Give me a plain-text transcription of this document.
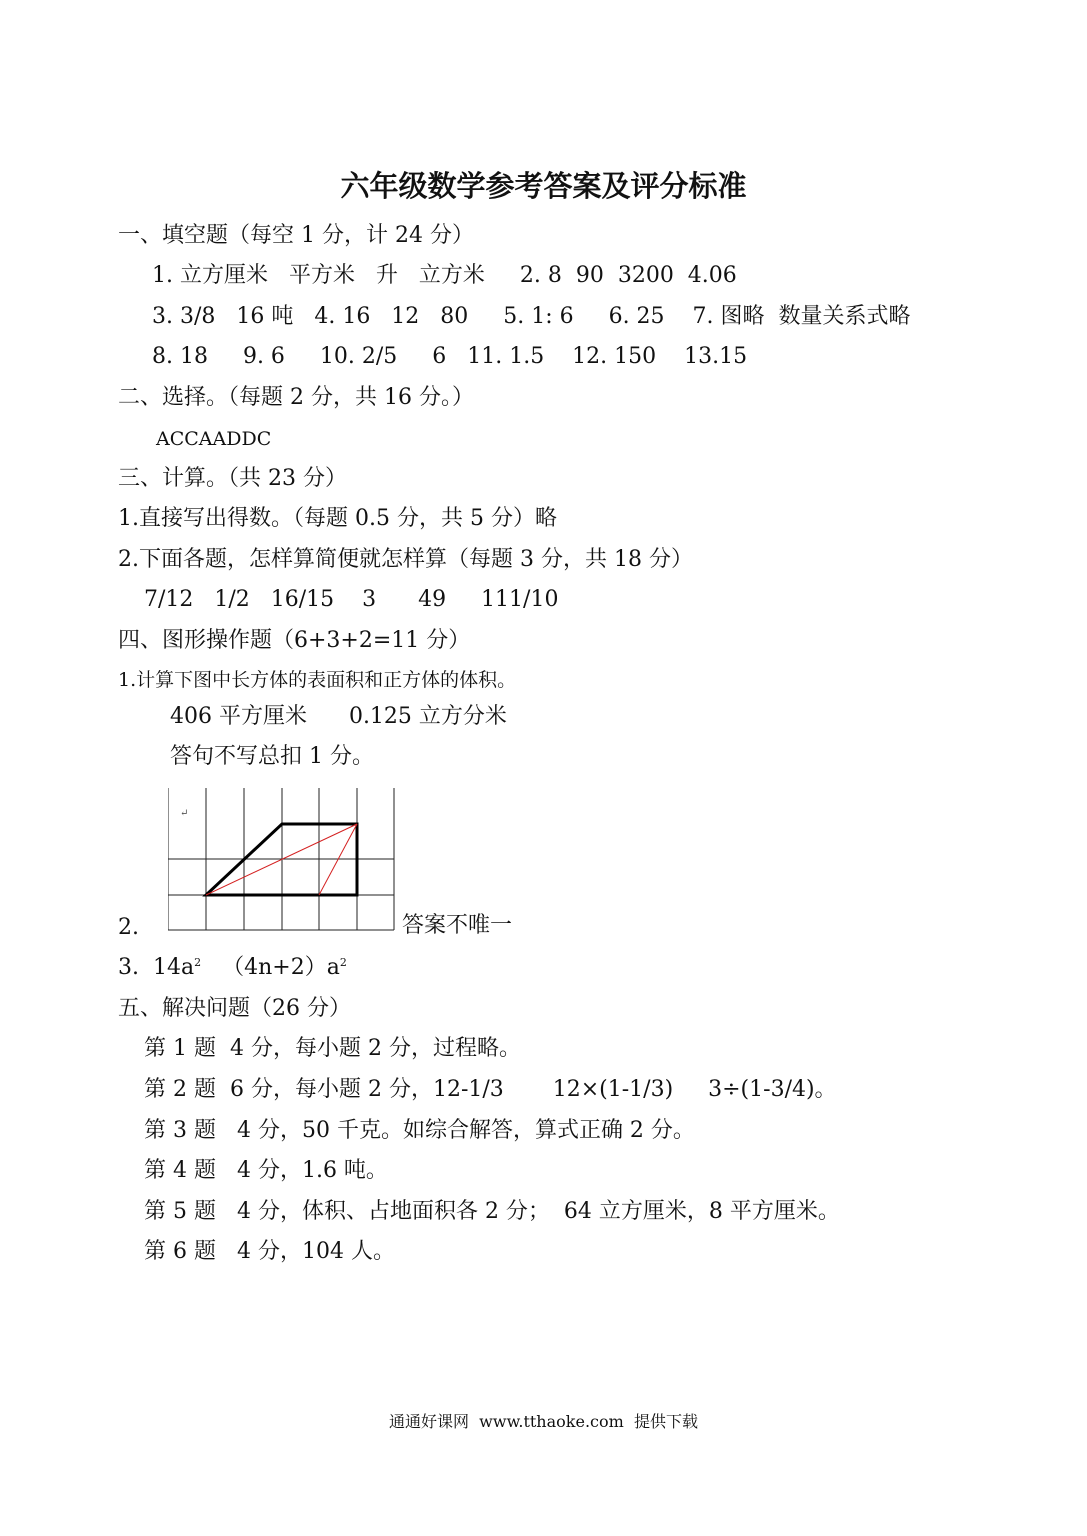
六年级数学参考答案及评分标准
一、填空题（每空 1 分，计 24 分）
1. 立方厘米   平方米   升   立方米     2. 8  90  3200  4.06
3. 3/8   16 吨   4. 16   12   80     5. 1: 6     6. 25    7. 图略  数量关系式略
8. 18     9. 6     10. 2/5     6   11. 1.5    12. 150    13.15
二、选择。（每题 2 分，共 16 分。）
ACCAADDC
三、计算。（共 23 分）
1.直接写出得数。（每题 0.5 分，共 5 分）略
2.下面各题，怎样算简便就怎样算（每题 3 分，共 18 分）
7/12   1/2   16/15    3      49     111/10
四、图形操作题（6+3+2=11 分）
1.计算下图中长方体的表面积和正方体的体积。
406 平方厘米      0.125 立方分米
答句不写总扣 1 分。
↵
2.	答案不唯一
3. $14a^2$ $(4n+2)a^2$
五、解决问题（26 分）
第 1 题  4 分，每小题 2 分，过程略。
第 2 题  6 分，每小题 2 分，12-1/3       12×(1-1/3)     3÷(1-3/4)。
第 3 题   4 分，50 千克。如综合解答，算式正确 2 分。
第 4 题   4 分，1.6 吨。
第 5 题   4 分，体积、占地面积各 2 分；  64 立方厘米，8 平方厘米。
第 6 题   4 分，104 人。
通通好课网  www.tthaoke.com  提供下载
